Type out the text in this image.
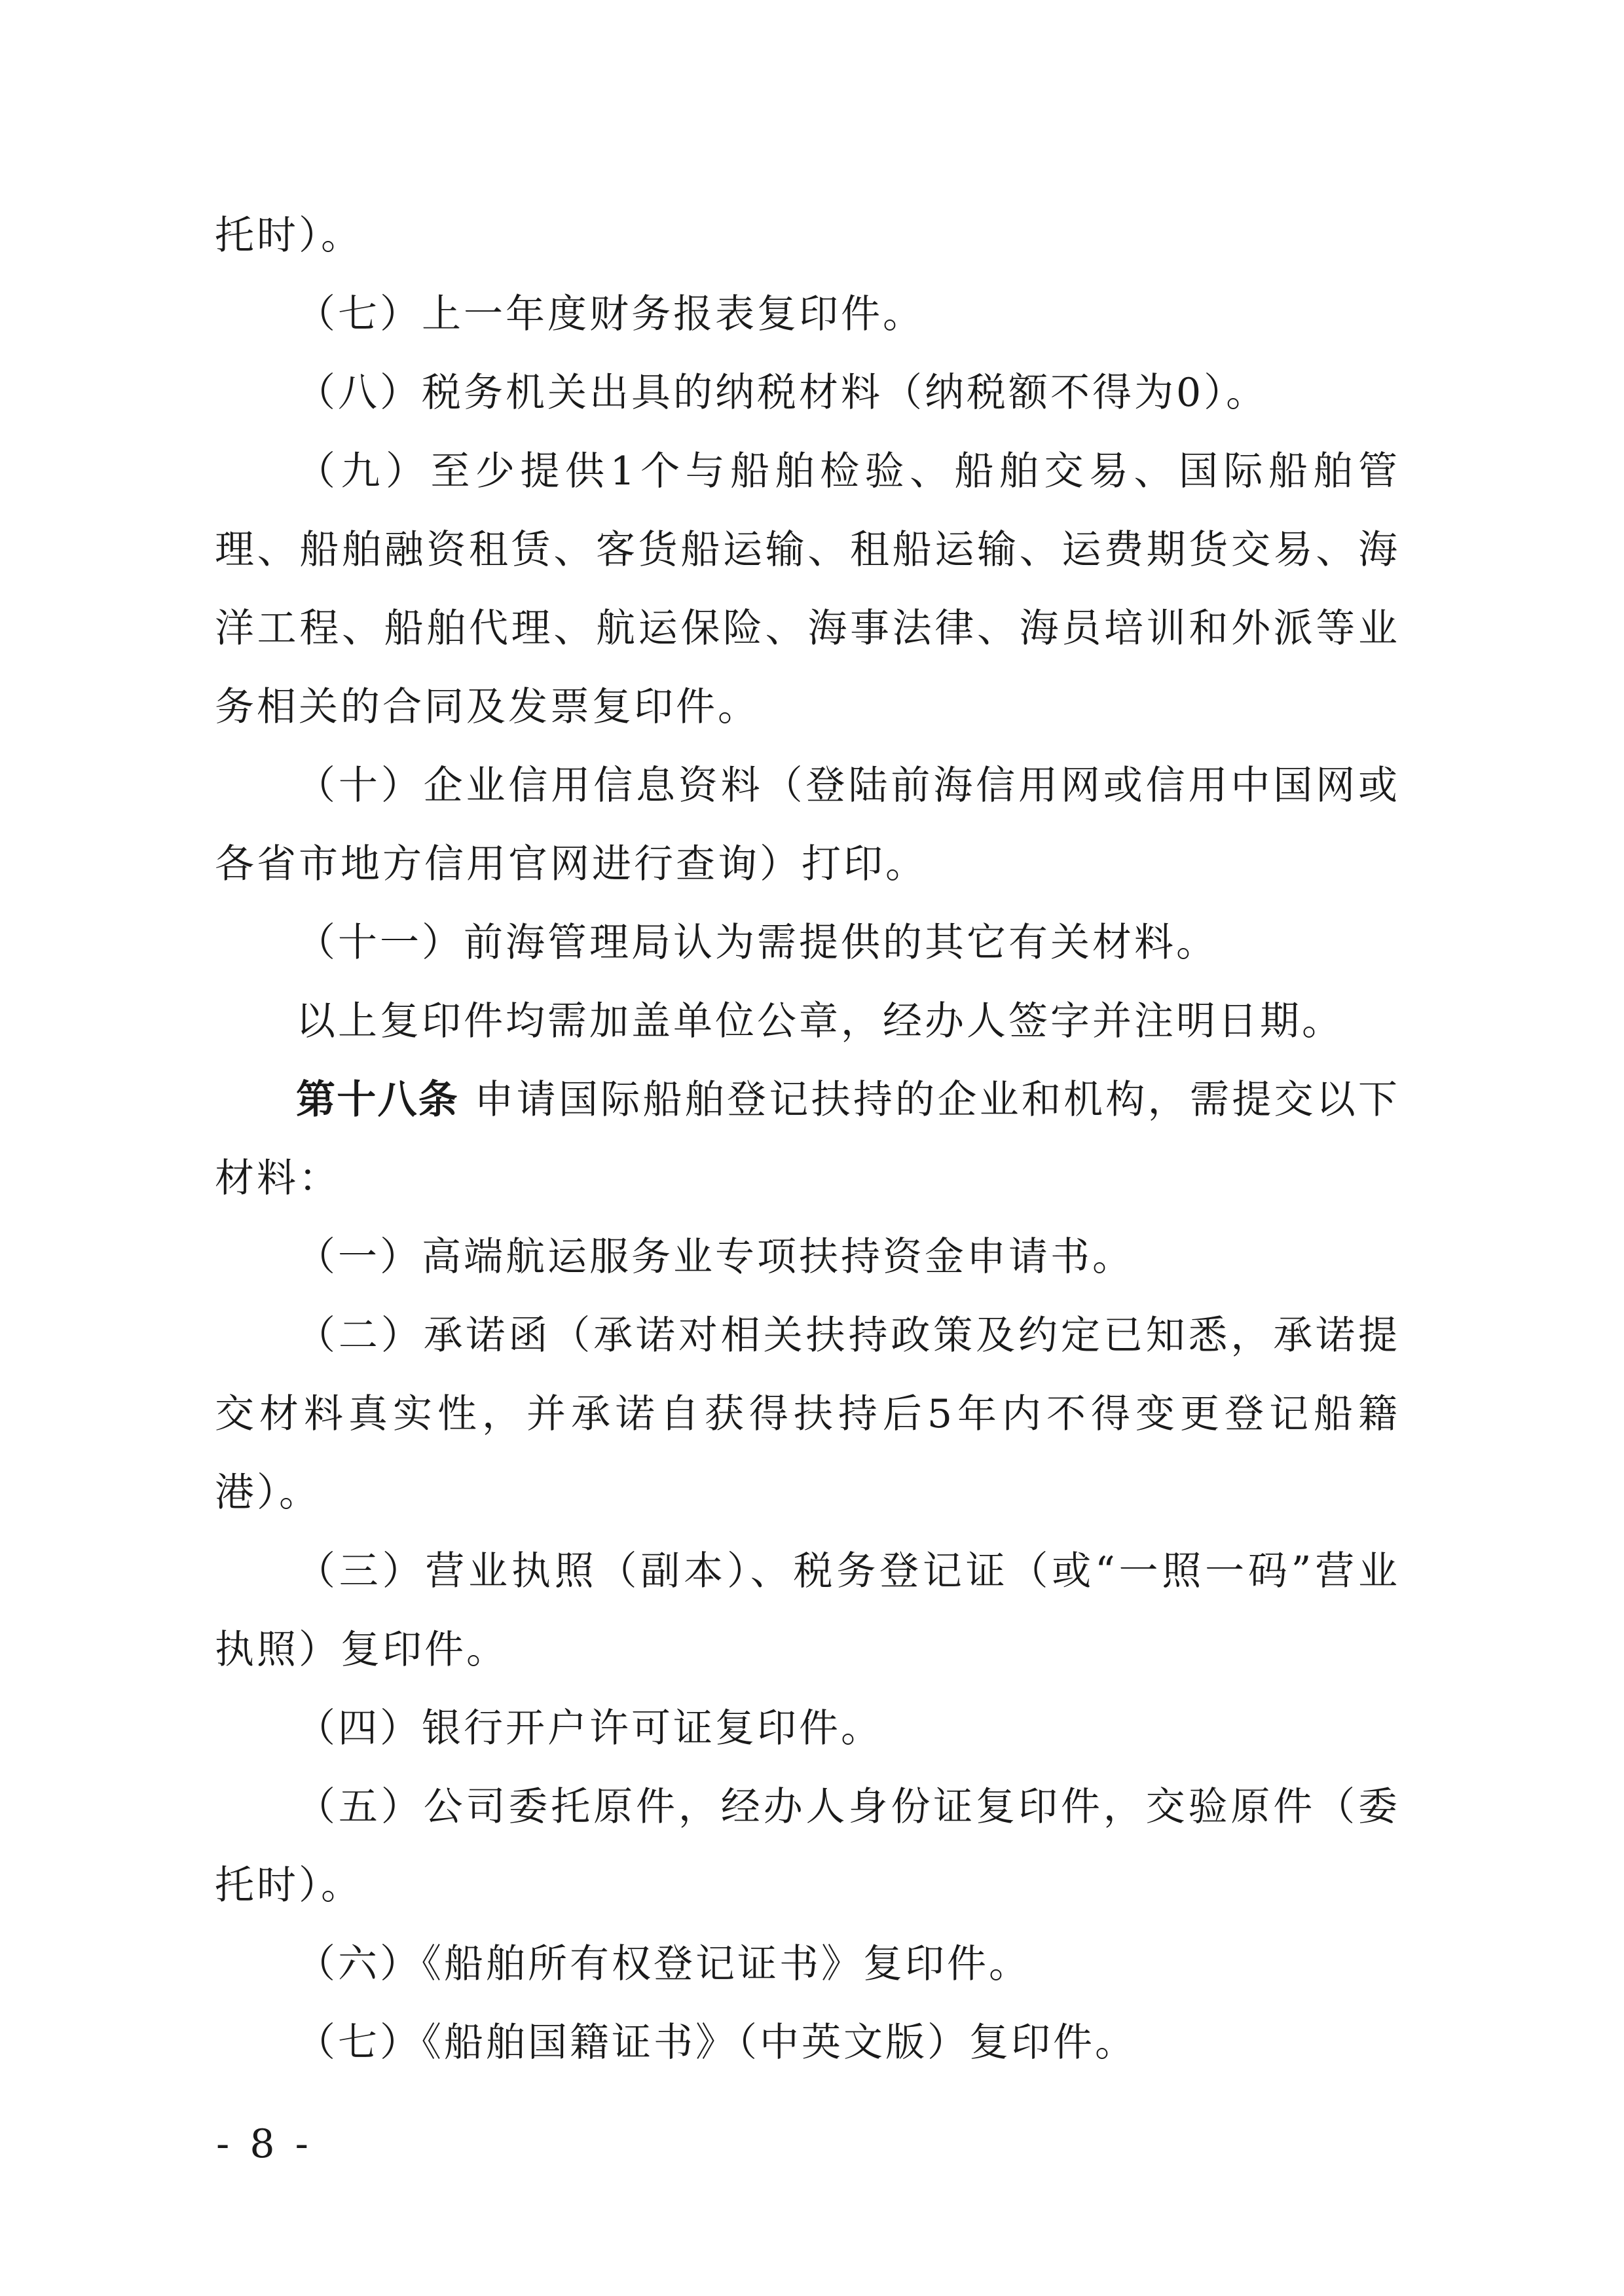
托时）。

（七）上一年度财务报表复印件。

（八）税务机关出具的纳税材料（纳税额不得为0）。

（九）至少提供1个与船舶检验、船舶交易、国际船舶管理、船舶融资租赁、客货船运输、租船运输、运费期货交易、海洋工程、船舶代理、航运保险、海事法律、海员培训和外派等业务相关的合同及发票复印件。

（十）企业信用信息资料（登陆前海信用网或信用中国网或各省市地方信用官网进行查询）打印。

（十一）前海管理局认为需提供的其它有关材料。

以上复印件均需加盖单位公章，经办人签字并注明日期。

第十八条 申请国际船舶登记扶持的企业和机构，需提交以下材料：

（一）高端航运服务业专项扶持资金申请书。

（二）承诺函（承诺对相关扶持政策及约定已知悉，承诺提交材料真实性，并承诺自获得扶持后5年内不得变更登记船籍港）。

（三）营业执照（副本）、税务登记证（或“一照一码”营业执照）复印件。

（四）银行开户许可证复印件。

（五）公司委托原件，经办人身份证复印件，交验原件（委托时）。

（六）《船舶所有权登记证书》复印件。

（七）《船舶国籍证书》（中英文版）复印件。

- 8 -
